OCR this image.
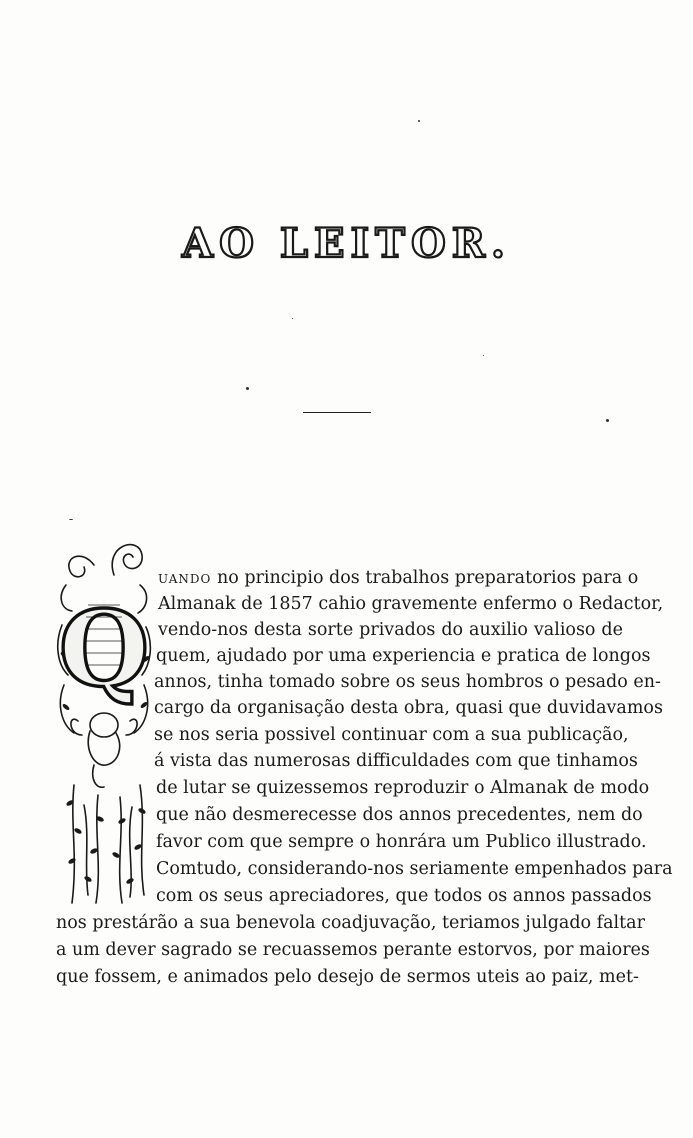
AO LEITOR.
Q
UANDO no principio dos trabalhos preparatorios para o
Almanak de 1857 cahio gravemente enfermo o Redactor,
vendo-nos desta sorte privados do auxilio valioso de
quem, ajudado por uma experiencia e pratica de longos
annos, tinha tomado sobre os seus hombros o pesado en-
cargo da organisação desta obra, quasi que duvidavamos
se nos seria possivel continuar com a sua publicação,
á vista das numerosas difficuldades com que tinhamos
de lutar se quizessemos reproduzir o Almanak de modo
que não desmerecesse dos annos precedentes, nem do
favor com que sempre o honrára um Publico illustrado.
Comtudo, considerando-nos seriamente empenhados para
com os seus apreciadores, que todos os annos passados
nos prestárão a sua benevola coadjuvação, teriamos julgado faltar
a um dever sagrado se recuassemos perante estorvos, por maiores
que fossem, e animados pelo desejo de sermos uteis ao paiz, met-
